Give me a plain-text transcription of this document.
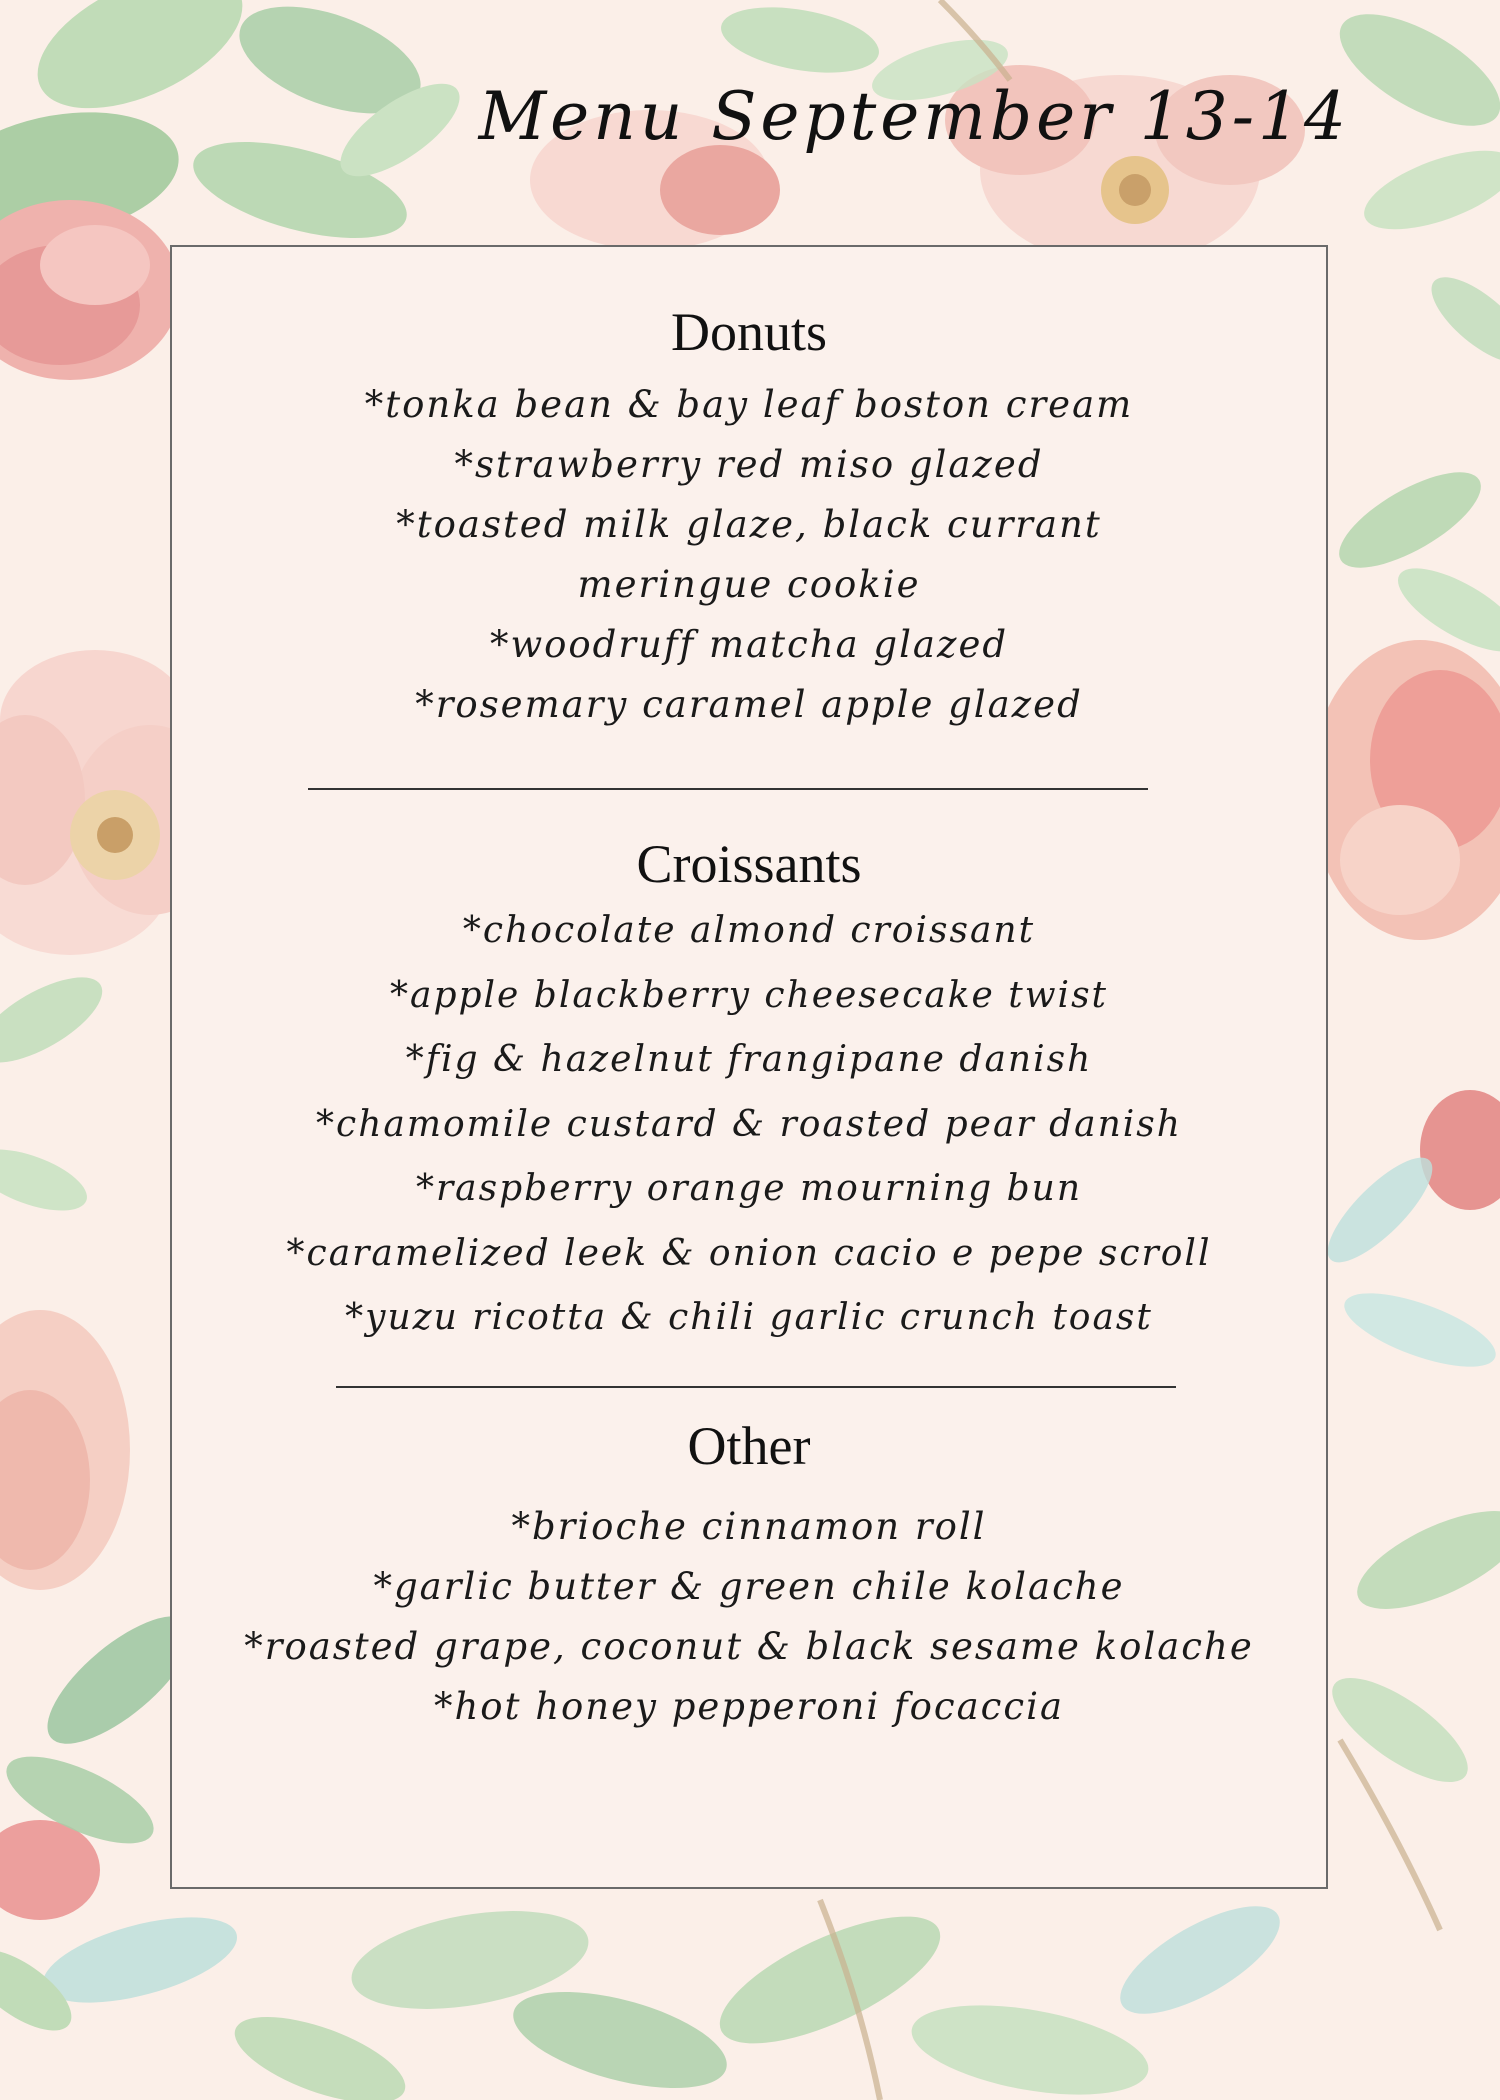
Menu September 13-14
Donuts
*tonka bean & bay leaf boston cream
*strawberry red miso glazed
*toasted milk glaze, black currant
meringue cookie
*woodruff matcha glazed
*rosemary caramel apple glazed
Croissants
*chocolate almond croissant
*apple blackberry cheesecake twist
*fig & hazelnut frangipane danish
*chamomile custard & roasted pear danish
*raspberry orange mourning bun
*caramelized leek & onion cacio e pepe scroll
*yuzu ricotta & chili garlic crunch toast
Other
*brioche cinnamon roll
*garlic butter & green chile kolache
*roasted grape, coconut & black sesame kolache
*hot honey pepperoni focaccia
